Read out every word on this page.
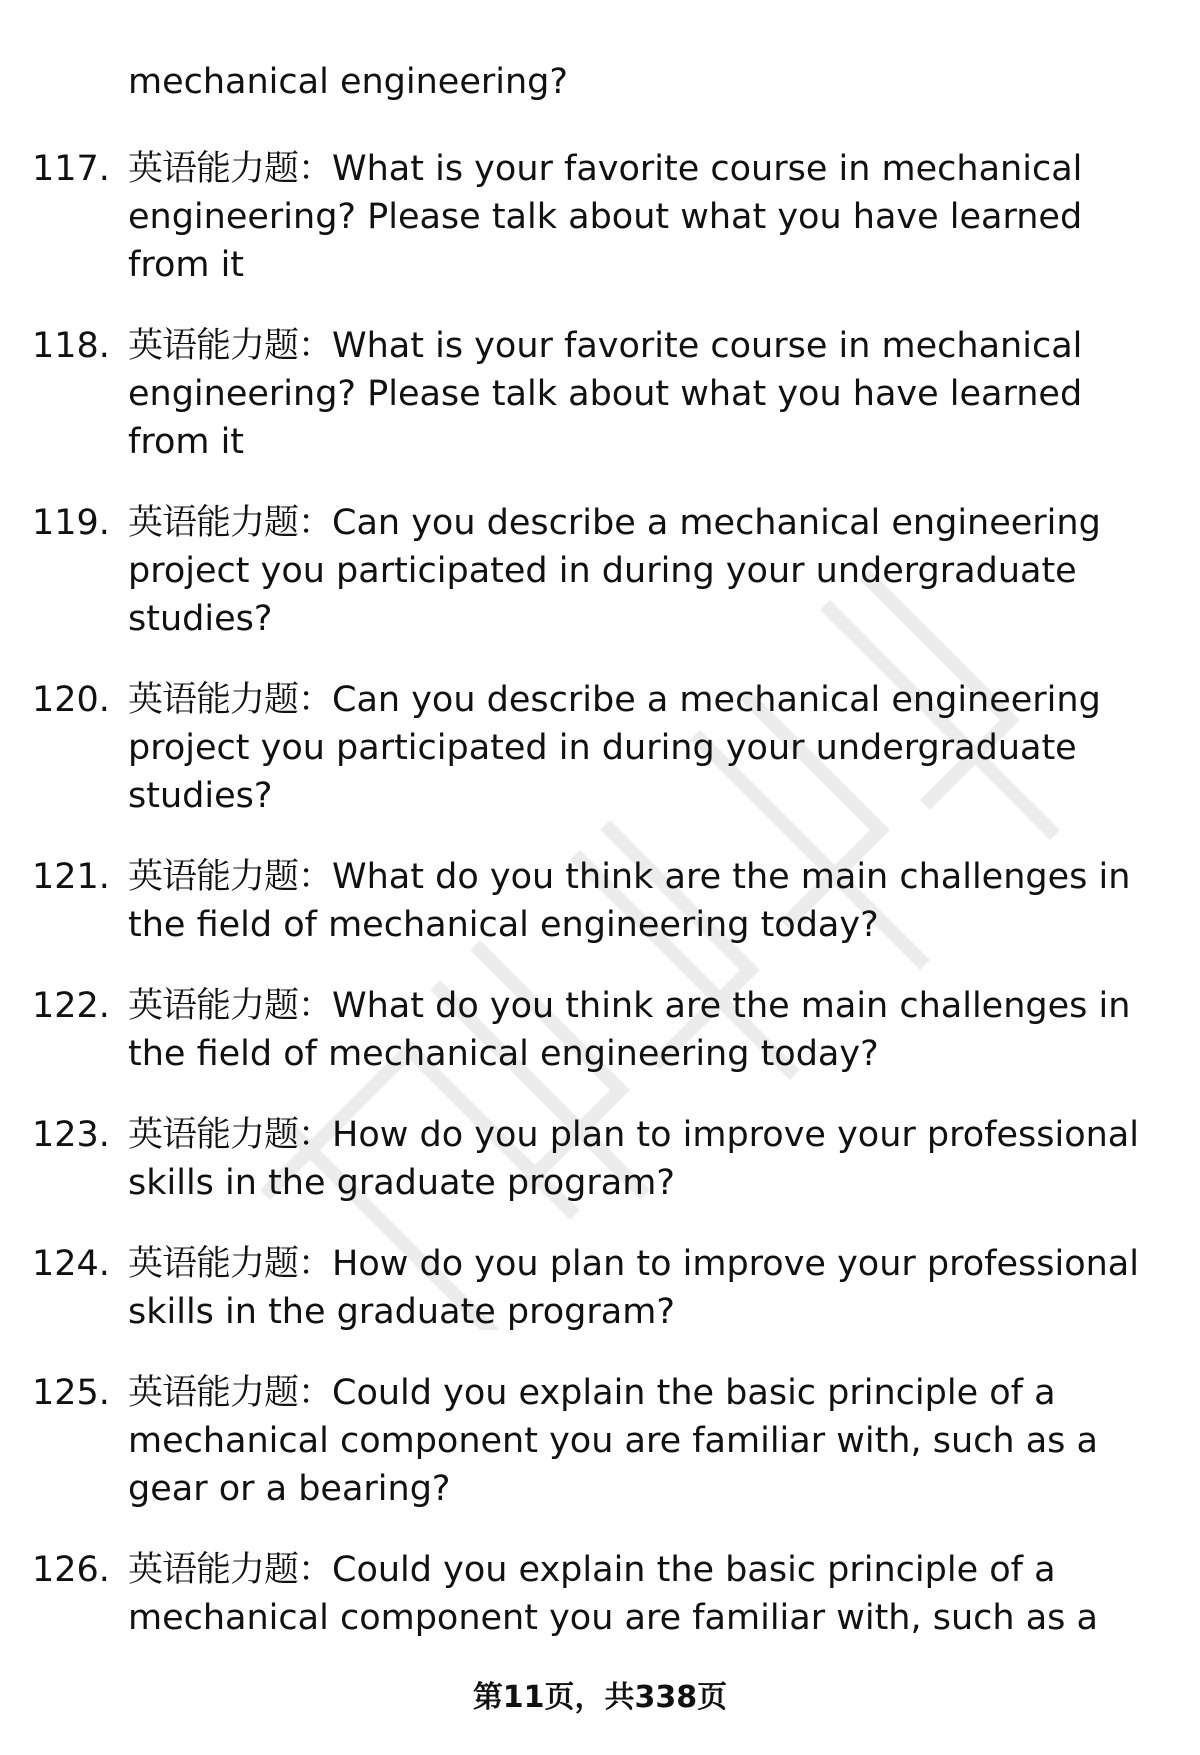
mechanical engineering?
117. 英语能力题：What is your favorite course in mechanical engineering? Please talk about what you have learned from it
118. 英语能力题：What is your favorite course in mechanical engineering? Please talk about what you have learned from it
119. 英语能力题：Can you describe a mechanical engineering project you participated in during your undergraduate studies?
120. 英语能力题：Can you describe a mechanical engineering project you participated in during your undergraduate studies?
121. 英语能力题：What do you think are the main challenges in the field of mechanical engineering today?
122. 英语能力题：What do you think are the main challenges in the field of mechanical engineering today?
123. 英语能力题：How do you plan to improve your professional skills in the graduate program?
124. 英语能力题：How do you plan to improve your professional skills in the graduate program?
125. 英语能力题：Could you explain the basic principle of a mechanical component you are familiar with, such as a gear or a bearing?
126. 英语能力题：Could you explain the basic principle of a mechanical component you are familiar with, such as a
第11页，共338页
